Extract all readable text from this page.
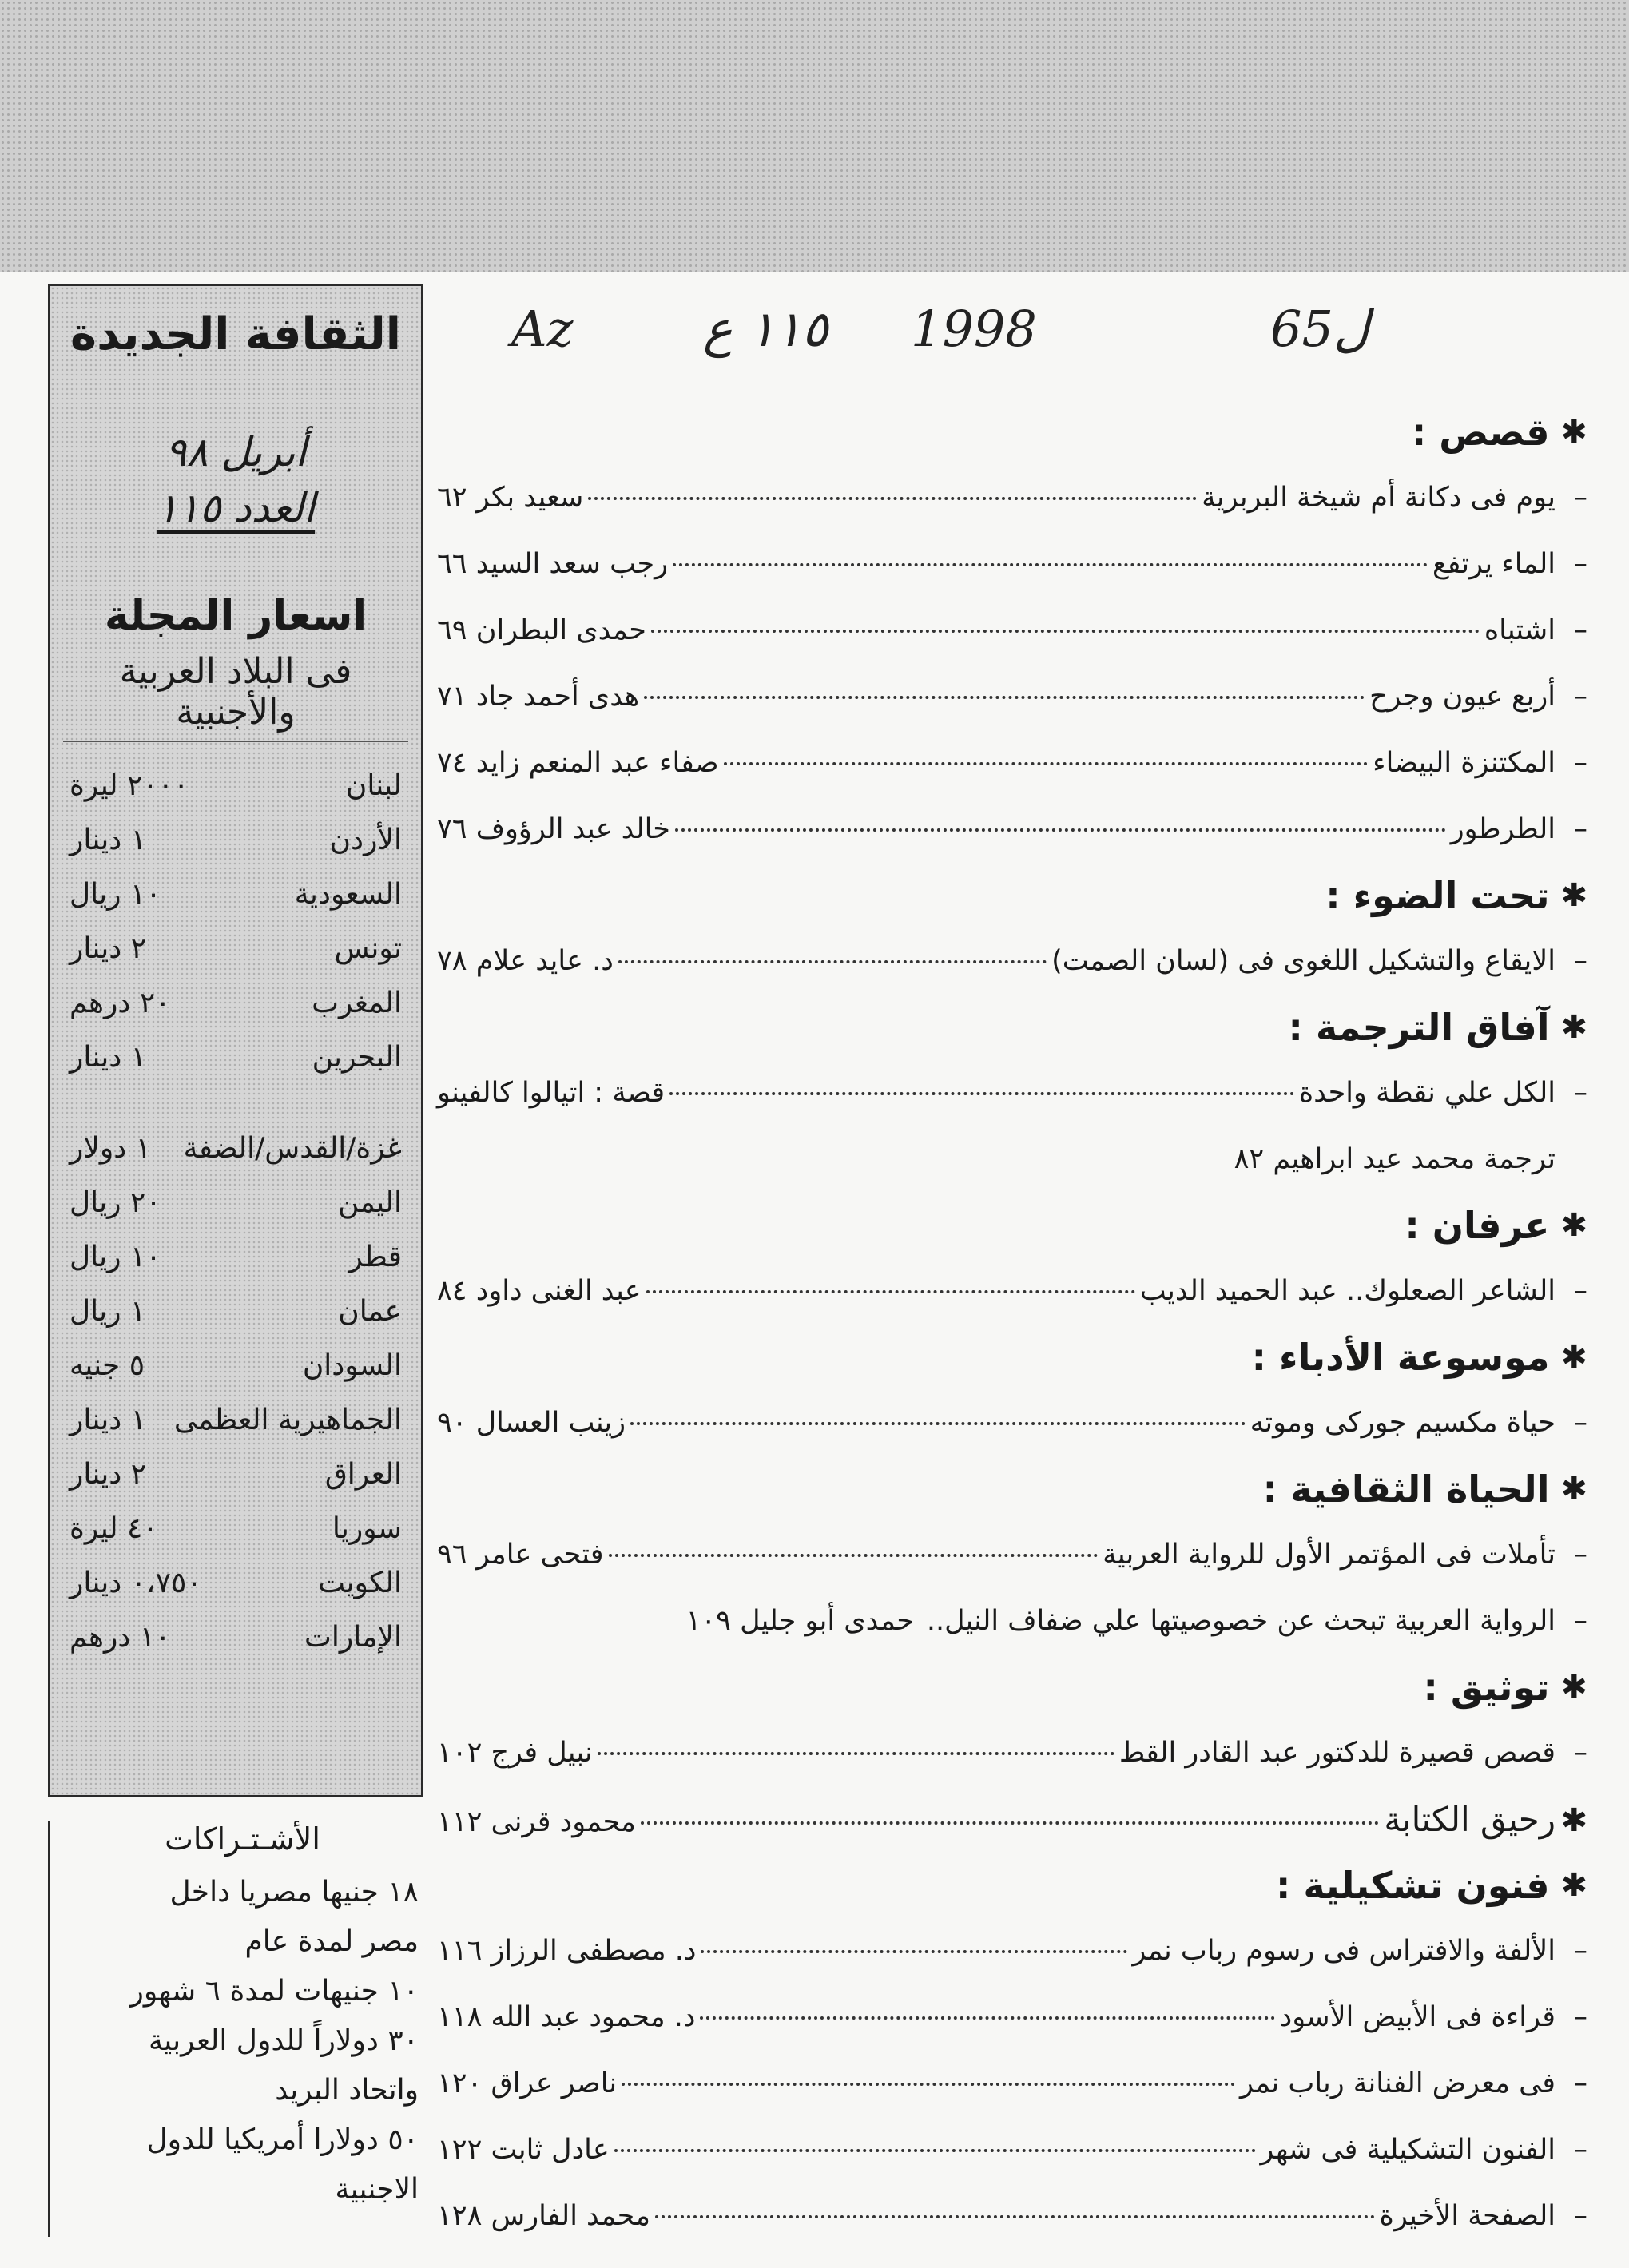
Az	١١٥ ع 1998	6ل5
الثقافة الجديدة
أبريل ٩٨
العدد ١١٥
اسعار المجلة
فى البلاد العربية والأجنبية
لبنان
٢٠٠٠ ليرة
الأردن
١ دينار
السعودية
١٠ ريال
تونس
٢ دينار
المغرب
٢٠ درهم
البحرين
١ دينار
غزة/القدس/الضفة
١ دولار
اليمن
٢٠ ريال
قطر
١٠ ريال
عمان
١ ريال
السودان
٥ جنيه
الجماهيرية العظمى
١ دينار
العراق
٢ دينار
سوريا
٤٠ ليرة
الكويت
٠،٧٥٠ دينار
الإمارات
١٠ درهم
الأشـتـراكات
١٨ جنيها مصريا داخل
مصر لمدة عام
١٠ جنيهات لمدة ٦ شهور
٣٠ دولاراً للدول العربية
واتحاد البريد
٥٠ دولارا أمريكيا للدول
الاجنبية
✱
قصص :
–
يوم فى دكانة أم شيخة البربرية
سعيد بكر ٦٢
–
الماء يرتفع
رجب سعد السيد ٦٦
–
اشتباه
حمدى البطران ٦٩
–
أربع عيون وجرح
هدى أحمد جاد ٧١
–
المكتنزة البيضاء
صفاء عبد المنعم زايد ٧٤
–
الطرطور
خالد عبد الرؤوف ٧٦
✱
تحت الضوء :
–
الايقاع والتشكيل اللغوى فى (لسان الصمت)
د. عايد علام ٧٨
✱
آفاق الترجمة :
–
الكل علي نقطة واحدة
قصة : اتيالوا كالفينو
ترجمة محمد عيد ابراهيم ٨٢
✱
عرفان :
–
الشاعر الصعلوك.. عبد الحميد الديب
عبد الغنى داود ٨٤
✱
موسوعة الأدباء :
–
حياة مكسيم جوركى وموته
زينب العسال ٩٠
✱
الحياة الثقافية :
–
تأملات فى المؤتمر الأول للرواية العربية
فتحى عامر ٩٦
–
الرواية العربية تبحث عن خصوصيتها علي ضفاف النيل..
حمدى أبو جليل ١٠٩
✱
توثيق :
–
قصص قصيرة للدكتور عبد القادر القط
نبيل فرج ١٠٢
✱
رحيق الكتابة
محمود قرنى ١١٢
✱
فنون تشكيلية :
–
الألفة والافتراس فى رسوم رباب نمر
د. مصطفى الرزاز ١١٦
–
قراءة فى الأبيض الأسود
د. محمود عبد الله ١١٨
–
فى معرض الفنانة رباب نمر
ناصر عراق ١٢٠
–
الفنون التشكيلية فى شهر
عادل ثابت ١٢٢
–
الصفحة الأخيرة
محمد الفارس ١٢٨
